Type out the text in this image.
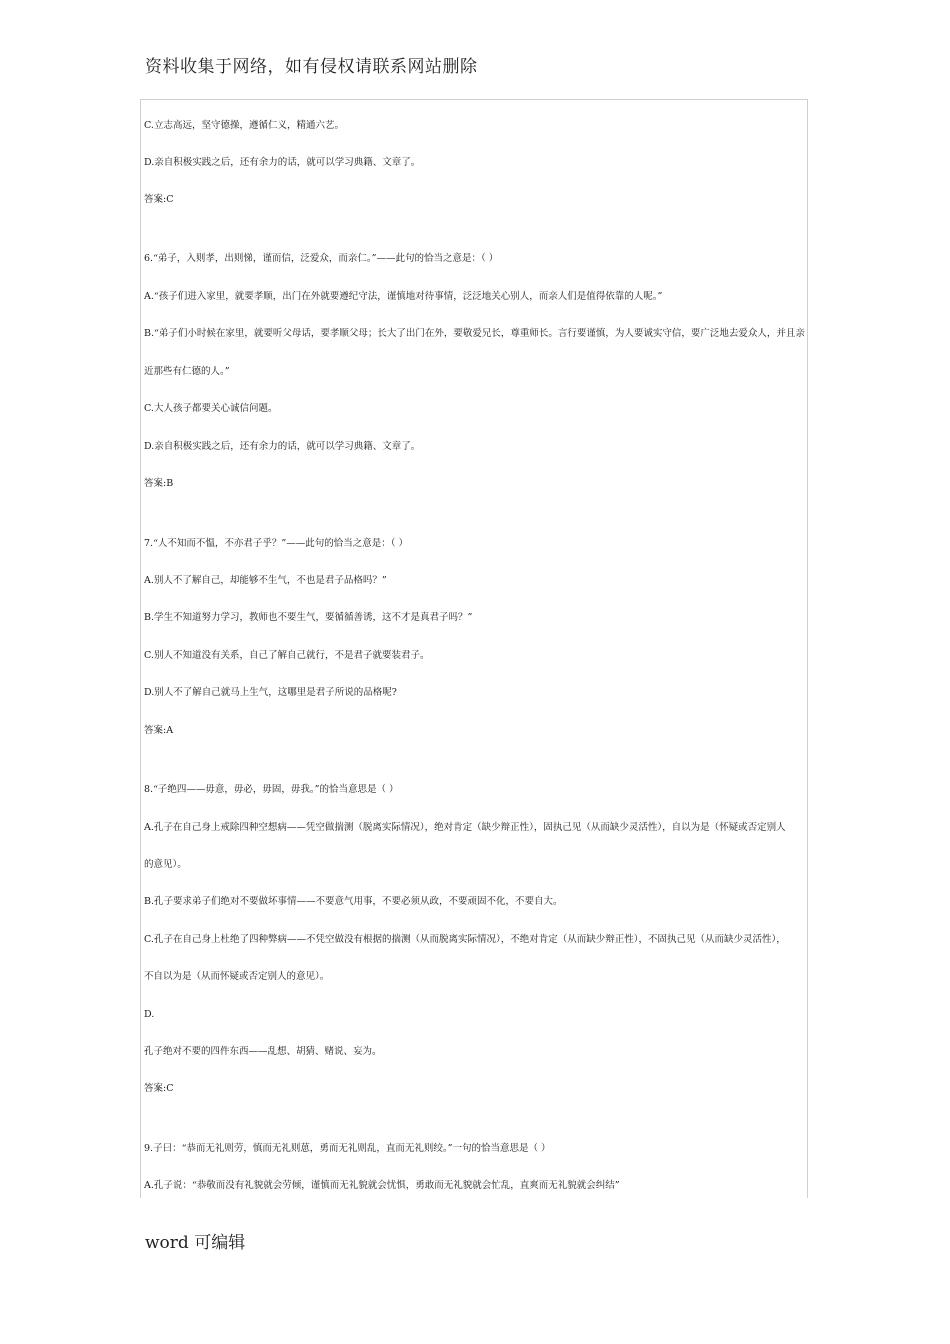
资料收集于网络，如有侵权请联系网站删除
C.立志高远，坚守德操，遵循仁义，精通六艺。
D.亲自积极实践之后，还有余力的话，就可以学习典籍、文章了。
答案:C
6.“弟子，入则孝，出则悌，谨而信，泛爱众，而亲仁。”——此句的恰当之意是：（ ）
A.“孩子们进入家里，就要孝顺，出门在外就要遵纪守法，谨慎地对待事情，泛泛地关心别人，而亲人们是值得依靠的人呢。”
B.“弟子们小时候在家里，就要听父母话，要孝顺父母；长大了出门在外，要敬爱兄长，尊重师长。言行要谨慎，为人要诚实守信，要广泛地去爱众人，并且亲
近那些有仁德的人。”
C.大人孩子都要关心诚信问题。
D.亲自积极实践之后，还有余力的话，就可以学习典籍、文章了。
答案:B
7.“人不知而不愠，不亦君子乎？”——此句的恰当之意是：（ ）
A.别人不了解自己，却能够不生气，不也是君子品格吗？”
B.学生不知道努力学习，教师也不要生气，要循循善诱，这不才是真君子吗？”
C.别人不知道没有关系，自己了解自己就行，不是君子就要装君子。
D.别人不了解自己就马上生气，这哪里是君子所说的品格呢?
答案:A
8.“子绝四——毋意，毋必，毋固，毋我。”的恰当意思是（ ）
A.孔子在自己身上戒除四种空想病——凭空做揣测（脱离实际情况），绝对肯定（缺少辩正性），固执己见（从而缺少灵活性），自以为是（怀疑或否定别人
的意见）。
B.孔子要求弟子们绝对不要做坏事情——不要意气用事，不要必须从政，不要顽固不化，不要自大。
C.孔子在自己身上杜绝了四种弊病——不凭空做没有根据的揣测（从而脱离实际情况），不绝对肯定（从而缺少辩正性），不固执己见（从而缺少灵活性），
不自以为是（从而怀疑或否定别人的意见）。
D.
孔子绝对不要的四件东西——乱想、胡猜、赌说、妄为。
答案:C
9.子曰：“恭而无礼则劳，慎而无礼则葸，勇而无礼则乱，直而无礼则绞。”一句的恰当意思是（ ）
A.孔子说：“恭敬而没有礼貌就会劳倾，谨慎而无礼貌就会忧惧，勇敢而无礼貌就会忙乱，直爽而无礼貌就会纠结”
word 可编辑
